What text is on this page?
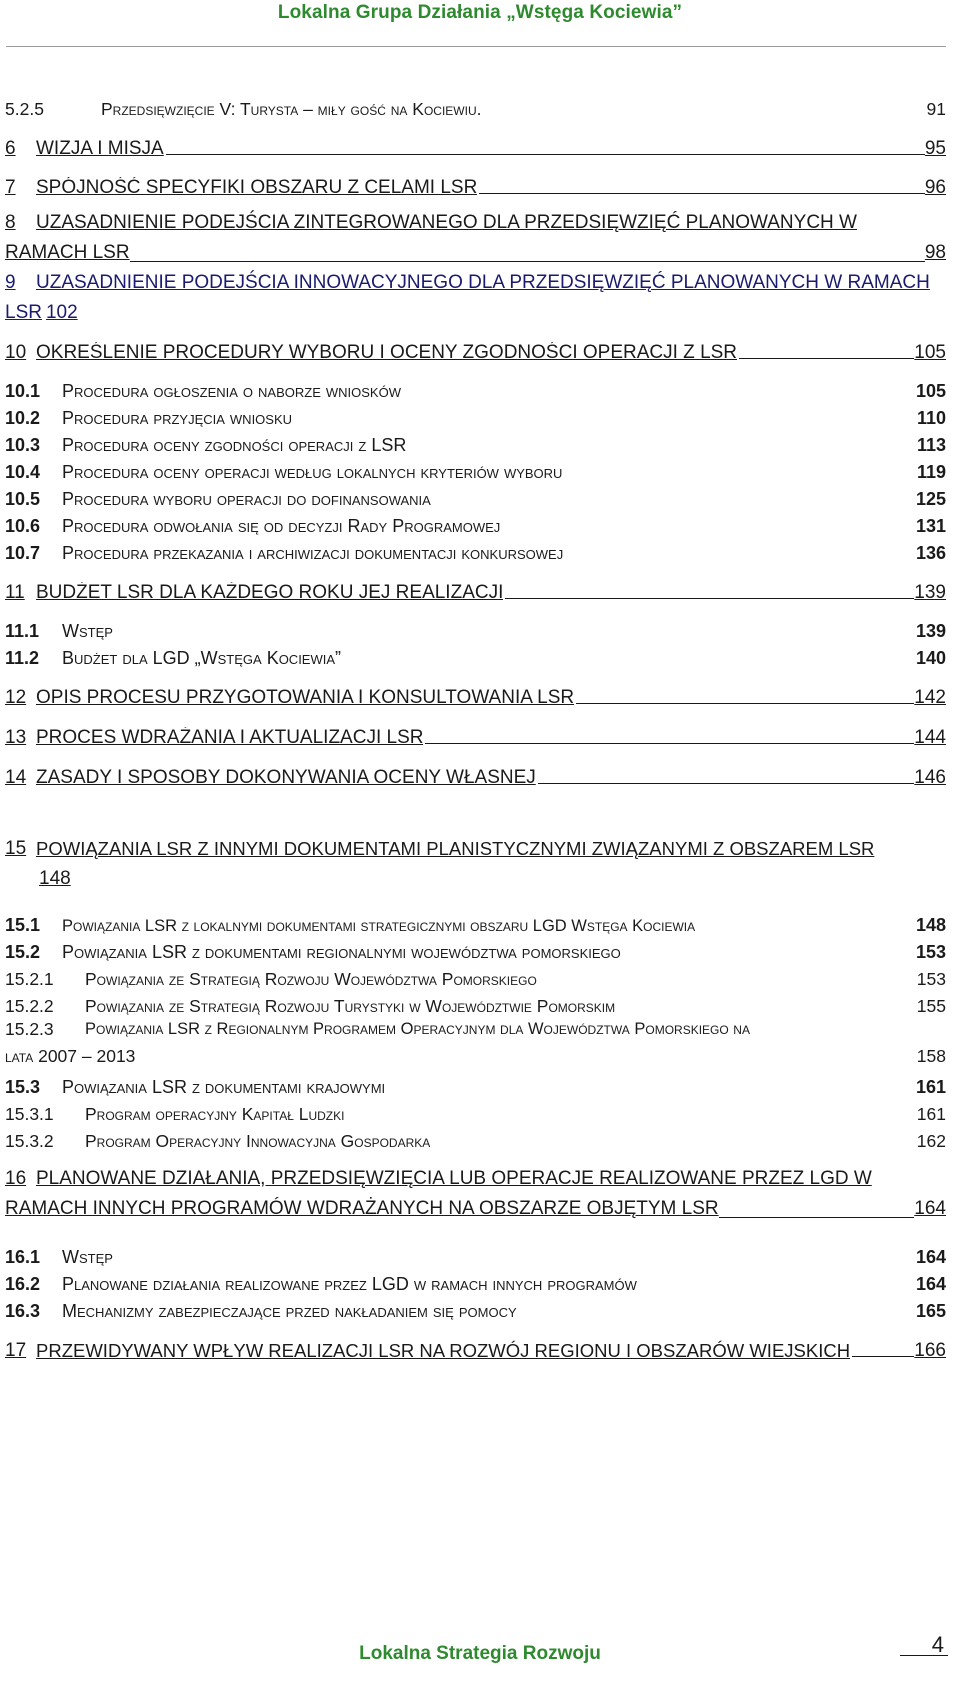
Lokalna Grupa Działania „Wstęga Kociewia”
5.2.5	Przedsięwzięcie V: Turysta – miły gość na Kociewiu.	91
6	WIZJA I MISJA	95
7	SPÓJNOŚĆ SPECYFIKI OBSZARU Z CELAMI LSR	96
8	UZASADNIENIE PODEJŚCIA ZINTEGROWANEGO DLA PRZEDSIĘWZIĘĆ PLANOWANYCH W
RAMACH LSR	98
9	UZASADNIENIE PODEJŚCIA INNOWACYJNEGO DLA PRZEDSIĘWZIĘĆ PLANOWANYCH W RAMACH
LSR 102
10 OKREŚLENIE PROCEDURY WYBORU I OCENY ZGODNOŚCI OPERACJI Z LSR	105
10.1	Procedura ogłoszenia o naborze wniosków	105
10.2	Procedura przyjęcia wniosku	110
10.3	Procedura oceny zgodności operacji z LSR	113
10.4	Procedura oceny operacji według lokalnych kryteriów wyboru	119
10.5	Procedura wyboru operacji do dofinansowania	125
10.6	Procedura odwołania się od decyzji Rady Programowej	131
10.7	Procedura przekazania i archiwizacji dokumentacji konkursowej	136
11 BUDŻET LSR DLA KAŻDEGO ROKU JEJ REALIZACJI	139
11.1	Wstęp	139
11.2	Budżet dla LGD „Wstęga Kociewia”	140
12 OPIS PROCESU PRZYGOTOWANIA I KONSULTOWANIA LSR	142
13 PROCES WDRAŻANIA I AKTUALIZACJI LSR	144
14 ZASADY I SPOSOBY DOKONYWANIA OCENY WŁASNEJ	146
15 POWIĄZANIA LSR Z INNYMI DOKUMENTAMI PLANISTYCZNYMI ZWIĄZANYMI Z OBSZAREM LSR
148
15.1	Powiązania LSR z lokalnymi dokumentami strategicznymi obszaru LGD Wstęga Kociewia	148
15.2	Powiązania LSR z dokumentami regionalnymi województwa pomorskiego	153
15.2.1	Powiązania ze Strategią Rozwoju Województwa Pomorskiego	153
15.2.2	Powiązania ze Strategią Rozwoju Turystyki w Województwie Pomorskim	155
15.2.3	Powiązania LSR z Regionalnym Programem Operacyjnym dla Województwa Pomorskiego na
lata 2007 – 2013	158
15.3	Powiązania LSR z dokumentami krajowymi	161
15.3.1	Program operacyjny Kapitał Ludzki	161
15.3.2	Program Operacyjny Innowacyjna Gospodarka	162
16 PLANOWANE DZIAŁANIA, PRZEDSIĘWZIĘCIA LUB OPERACJE REALIZOWANE PRZEZ LGD W
RAMACH INNYCH PROGRAMÓW WDRAŻANYCH NA OBSZARZE OBJĘTYM LSR	164
16.1	Wstęp	164
16.2	Planowane działania realizowane przez LGD w ramach innych programów	164
16.3	Mechanizmy zabezpieczające przed nakładaniem się pomocy	165
17 PRZEWIDYWANY WPŁYW REALIZACJI LSR NA ROZWÓJ REGIONU I OBSZARÓW WIEJSKICH	166
4
Lokalna Strategia Rozwoju
